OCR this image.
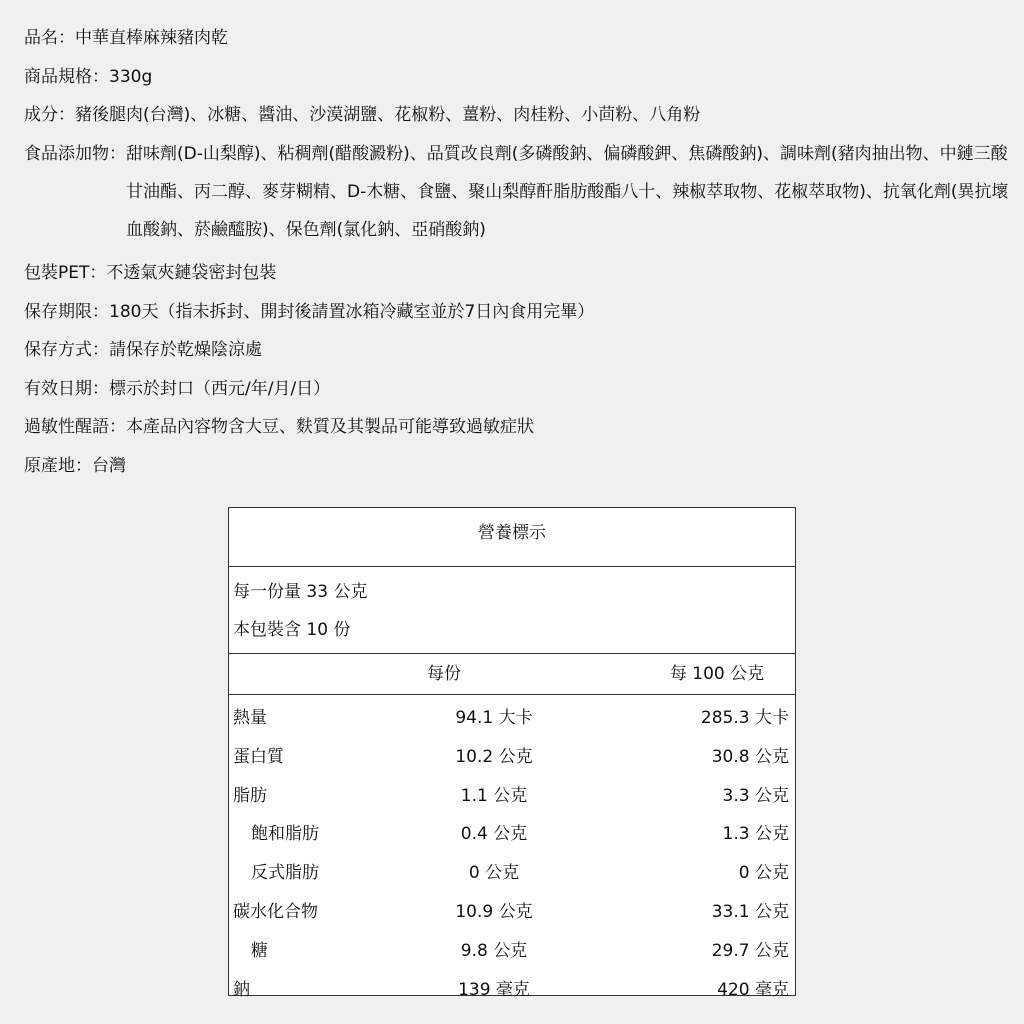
品名： 中華直棒麻辣豬肉乾
商品規格： 330g
成分： 豬後腿肉(台灣)、冰糖、醬油、沙漠湖鹽、花椒粉、薑粉、肉桂粉、小茴粉、八角粉
食品添加物： 甜味劑(D-山梨醇)、粘稠劑(醋酸澱粉)、品質改良劑(多磷酸鈉、偏磷酸鉀、焦磷酸鈉)、調味劑(豬肉抽出物、中鏈三酸甘油酯、丙二醇、麥芽糊精、D-木糖、食鹽、聚山梨醇酐脂肪酸酯八十、辣椒萃取物、花椒萃取物)、抗氧化劑(異抗壞血酸鈉、菸鹼醯胺)、保色劑(氯化鈉、亞硝酸鈉)
包裝PET： 不透氣夾鏈袋密封包裝
保存期限： 180天（指未拆封、開封後請置冰箱冷藏室並於7日內食用完畢）
保存方式： 請保存於乾燥陰涼處
有效日期： 標示於封口（西元/年/月/日）
過敏性醒語： 本產品內容物含大豆、麩質及其製品可能導致過敏症狀
原產地： 台灣
營養標示
每一份量 33 公克
本包裝含 10 份
每份	每 100 公克
熱量	94.1 大卡	285.3 大卡
蛋白質	10.2 公克	30.8 公克
脂肪	1.1 公克	3.3 公克
飽和脂肪	0.4 公克	1.3 公克
反式脂肪	0 公克	0 公克
碳水化合物	10.9 公克	33.1 公克
糖	9.8 公克	29.7 公克
鈉	139 毫克	420 毫克
